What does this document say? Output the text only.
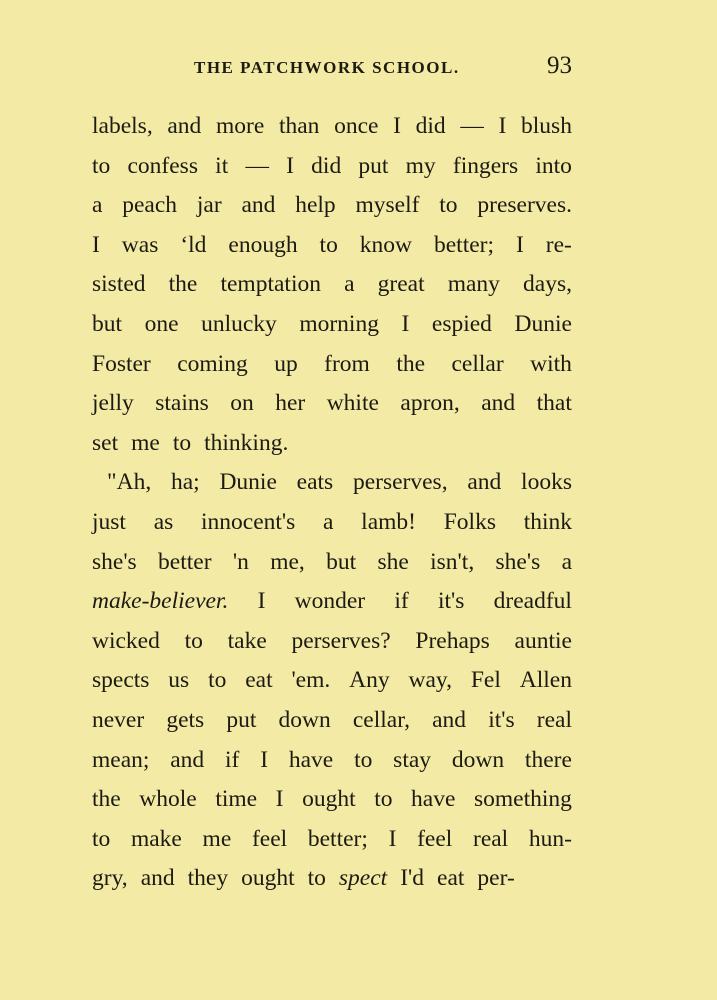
THE PATCHWORK SCHOOL.	93
labels, and more than once I did — I blush
to confess it — I did put my fingers into
a peach jar and help myself to preserves.
I was ʻld enough to know better; I re-
sisted the temptation a great many days,
but one unlucky morning I espied Dunie
Foster coming up from the cellar with
jelly stains on her white apron, and that
set me to thinking.
"Ah, ha; Dunie eats perserves, and looks
just as innocent's a lamb! Folks think
she's better 'n me, but she isn't, she's a
make-believer. I wonder if it's dreadful
wicked to take perserves? Prehaps auntie
spects us to eat 'em. Any way, Fel Allen
never gets put down cellar, and it's real
mean; and if I have to stay down there
the whole time I ought to have something
to make me feel better; I feel real hun-
gry, and they ought to spect I'd eat per-
